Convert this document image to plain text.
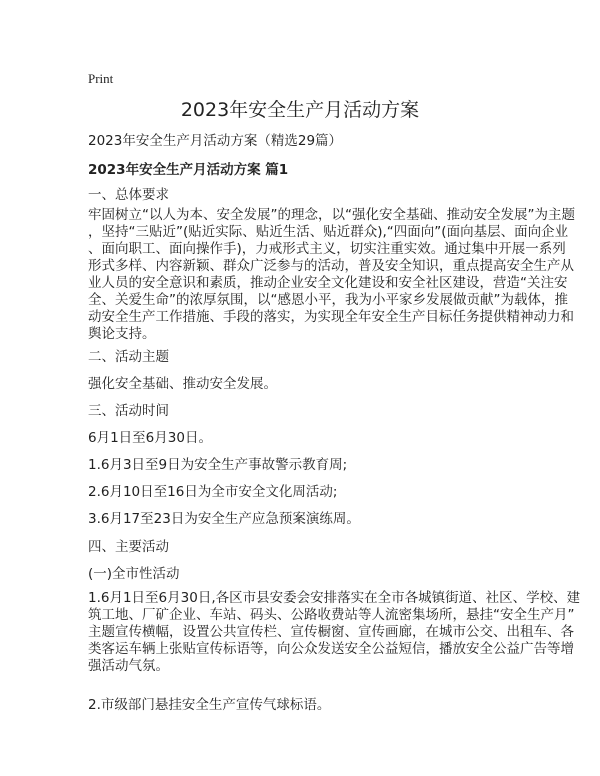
Print
2023年安全生产月活动方案
2023年安全生产月活动方案（精选29篇）
2023年安全生产月活动方案 篇1
一、总体要求
牢固树立“以人为本、安全发展”的理念，以“强化安全基础、推动安全发展”为主题
，坚持“三贴近”(贴近实际、贴近生活、贴近群众),“四面向”(面向基层、面向企业
、面向职工、面向操作手)，力戒形式主义，切实注重实效。通过集中开展一系列
形式多样、内容新颖、群众广泛参与的活动，普及安全知识，重点提高安全生产从
业人员的安全意识和素质，推动企业安全文化建设和安全社区建设，营造“关注安
全、关爱生命”的浓厚氛围，以“感恩小平，我为小平家乡发展做贡献”为载体，推
动安全生产工作措施、手段的落实，为实现全年安全生产目标任务提供精神动力和
舆论支持。
二、活动主题
强化安全基础、推动安全发展。
三、活动时间
6月1日至6月30日。
1.6月3日至9日为安全生产事故警示教育周;
2.6月10日至16日为全市安全文化周活动;
3.6月17至23日为安全生产应急预案演练周。
四、主要活动
(一)全市性活动
1.6月1日至6月30日,各区市县安委会安排落实在全市各城镇街道、社区、学校、建
筑工地、厂矿企业、车站、码头、公路收费站等人流密集场所，悬挂“安全生产月”
主题宣传横幅，设置公共宣传栏、宣传橱窗、宣传画廊，在城市公交、出租车、各
类客运车辆上张贴宣传标语等，向公众发送安全公益短信，播放安全公益广告等增
强活动气氛。
2.市级部门悬挂安全生产宣传气球标语。
